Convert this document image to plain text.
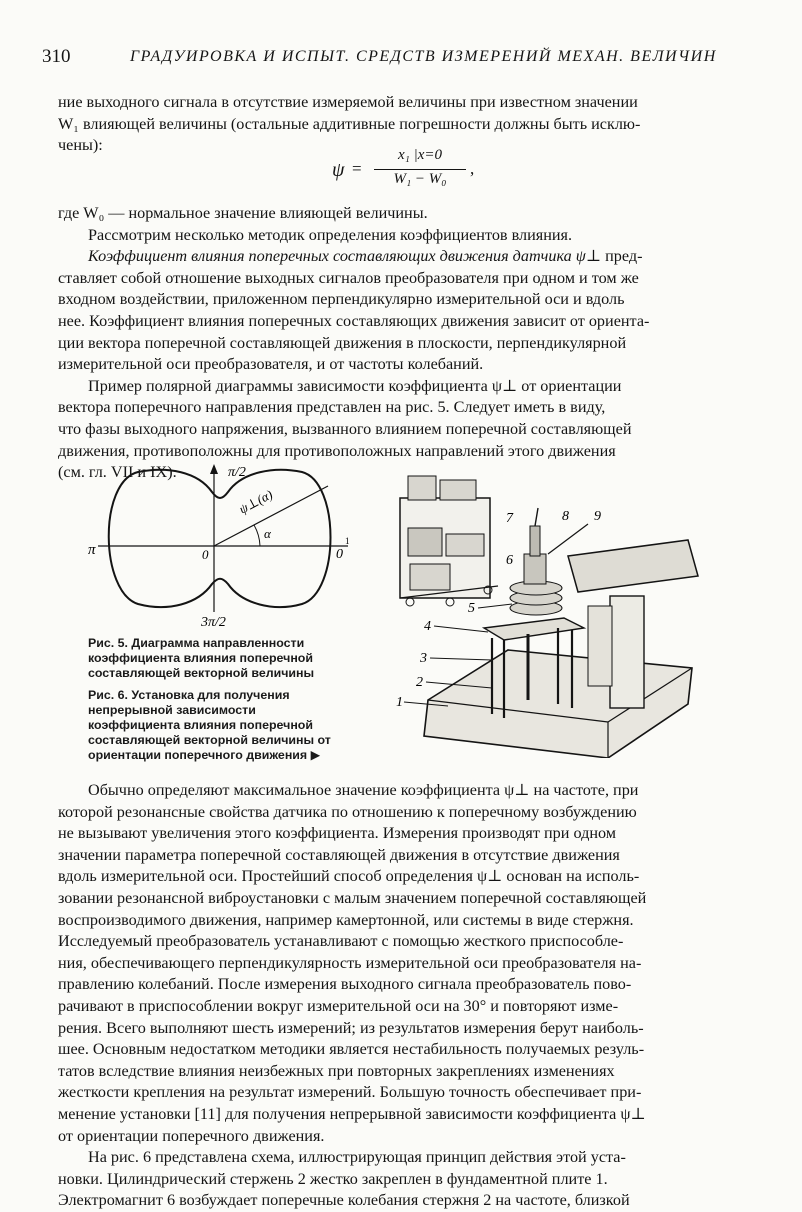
310	ГРАДУИРОВКА И ИСПЫТ. СРЕДСТВ ИЗМЕРЕНИЙ МЕХАН. ВЕЛИЧИН
ние выходного сигнала в отсутствие измеряемой величины при известном значении
W₁ влияющей величины (остальные аддитивные погрешности должны быть исклю-
чены):
ψ =
x₁ |x=0
W₁ − W₀
,
где W₀ — нормальное значение влияющей величины.
Рассмотрим несколько методик определения коэффициентов влияния.
Коэффициент влияния поперечных составляющих движения датчика ψ⊥ пред-
ставляет собой отношение выходных сигналов преобразователя при одном и том же
входном воздействии, приложенном перпендикулярно измерительной оси и вдоль
нее. Коэффициент влияния поперечных составляющих движения зависит от ориента-
ции вектора поперечной составляющей движения в плоскости, перпендикулярной
измерительной оси преобразователя, и от частоты колебаний.
Пример полярной диаграммы зависимости коэффициента ψ⊥ от ориентации
вектора поперечного направления представлен на рис. 5. Следует иметь в виду,
что фазы выходного напряжения, вызванного влиянием поперечной составляющей
движения, противоположны для противоположных направлений этого движения
(см. гл. VII и IX).	π/2
3π/2
π	0	0
1
ψ⊥(α)
α
Рис. 5. Диаграмма направленности коэффициента влияния поперечной составляющей векторной величины
Рис. 6. Установка для получения непрерывной зависимости коэффициента влияния поперечной составляющей векторной величины от ориентации поперечного движения ▶
1
2
3
4
5
6
7	8 9
Обычно определяют максимальное значение коэффициента ψ⊥ на частоте, при
которой резонансные свойства датчика по отношению к поперечному возбуждению
не вызывают увеличения этого коэффициента. Измерения производят при одном
значении параметра поперечной составляющей движения в отсутствие движения
вдоль измерительной оси. Простейший способ определения ψ⊥ основан на исполь-
зовании резонансной виброустановки с малым значением поперечной составляющей
воспроизводимого движения, например камертонной, или системы в виде стержня.
Исследуемый преобразователь устанавливают с помощью жесткого приспособле-
ния, обеспечивающего перпендикулярность измерительной оси преобразователя на-
правлению колебаний. После измерения выходного сигнала преобразователь пово-
рачивают в приспособлении вокруг измерительной оси на 30° и повторяют изме-
рения. Всего выполняют шесть измерений; из результатов измерения берут наиболь-
шее. Основным недостатком методики является нестабильность получаемых резуль-
татов вследствие влияния неизбежных при повторных закреплениях изменениях
жесткости крепления на результат измерений. Большую точность обеспечивает при-
менение установки [11] для получения непрерывной зависимости коэффициента ψ⊥
от ориентации поперечного движения.
На рис. 6 представлена схема, иллюстрирующая принцип действия этой уста-
новки. Цилиндрический стержень 2 жестко закреплен в фундаментной плите 1.
Электромагнит 6 возбуждает поперечные колебания стержня 2 на частоте, близкой
